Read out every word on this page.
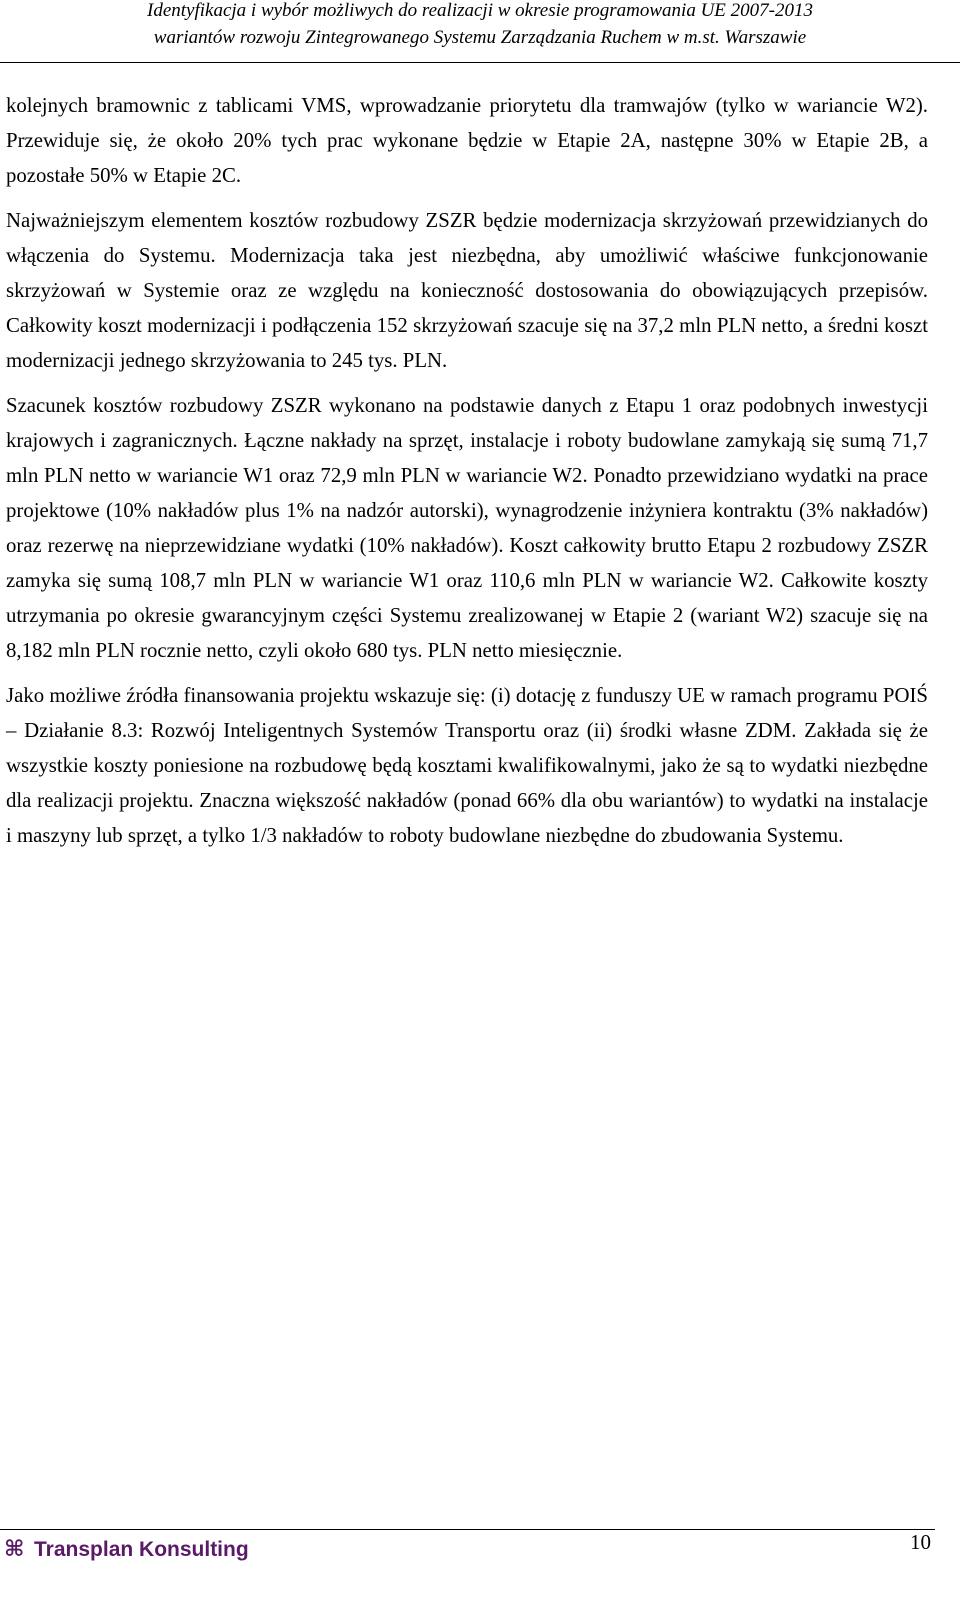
Identyfikacja i wybór możliwych do realizacji w okresie programowania UE 2007-2013
wariantów rozwoju Zintegrowanego Systemu Zarządzania Ruchem w m.st. Warszawie

kolejnych bramownic z tablicami VMS, wprowadzanie priorytetu dla tramwajów (tylko w wariancie W2). Przewiduje się, że około 20% tych prac wykonane będzie w Etapie 2A, następne 30% w Etapie 2B, a pozostałe 50% w Etapie 2C.

Najważniejszym elementem kosztów rozbudowy ZSZR będzie modernizacja skrzyżowań przewidzianych do włączenia do Systemu. Modernizacja taka jest niezbędna, aby umożliwić właściwe funkcjonowanie skrzyżowań w Systemie oraz ze względu na konieczność dostosowania do obowiązujących przepisów. Całkowity koszt modernizacji i podłączenia 152 skrzyżowań szacuje się na 37,2 mln PLN netto, a średni koszt modernizacji jednego skrzyżowania to 245 tys. PLN.

Szacunek kosztów rozbudowy ZSZR wykonano na podstawie danych z Etapu 1 oraz podobnych inwestycji krajowych i zagranicznych. Łączne nakłady na sprzęt, instalacje i roboty budowlane zamykają się sumą 71,7 mln PLN netto w wariancie W1 oraz 72,9 mln PLN w wariancie W2. Ponadto przewidziano wydatki na prace projektowe (10% nakładów plus 1% na nadzór autorski), wynagrodzenie inżyniera kontraktu (3% nakładów) oraz rezerwę na nieprzewidziane wydatki (10% nakładów). Koszt całkowity brutto Etapu 2 rozbudowy ZSZR zamyka się sumą 108,7 mln PLN w wariancie W1 oraz 110,6 mln PLN w wariancie W2. Całkowite koszty utrzymania po okresie gwarancyjnym części Systemu zrealizowanej w Etapie 2 (wariant W2) szacuje się na 8,182 mln PLN rocznie netto, czyli około 680 tys. PLN netto miesięcznie.

Jako możliwe źródła finansowania projektu wskazuje się: (i) dotację z funduszy UE w ramach programu POIŚ – Działanie 8.3: Rozwój Inteligentnych Systemów Transportu oraz (ii) środki własne ZDM. Zakłada się że wszystkie koszty poniesione na rozbudowę będą kosztami kwalifikowalnymi, jako że są to wydatki niezbędne dla realizacji projektu. Znaczna większość nakładów (ponad 66% dla obu wariantów) to wydatki na instalacje i maszyny lub sprzęt, a tylko 1/3 nakładów to roboty budowlane niezbędne do zbudowania Systemu.

⌘ Transplan Konsulting	10
